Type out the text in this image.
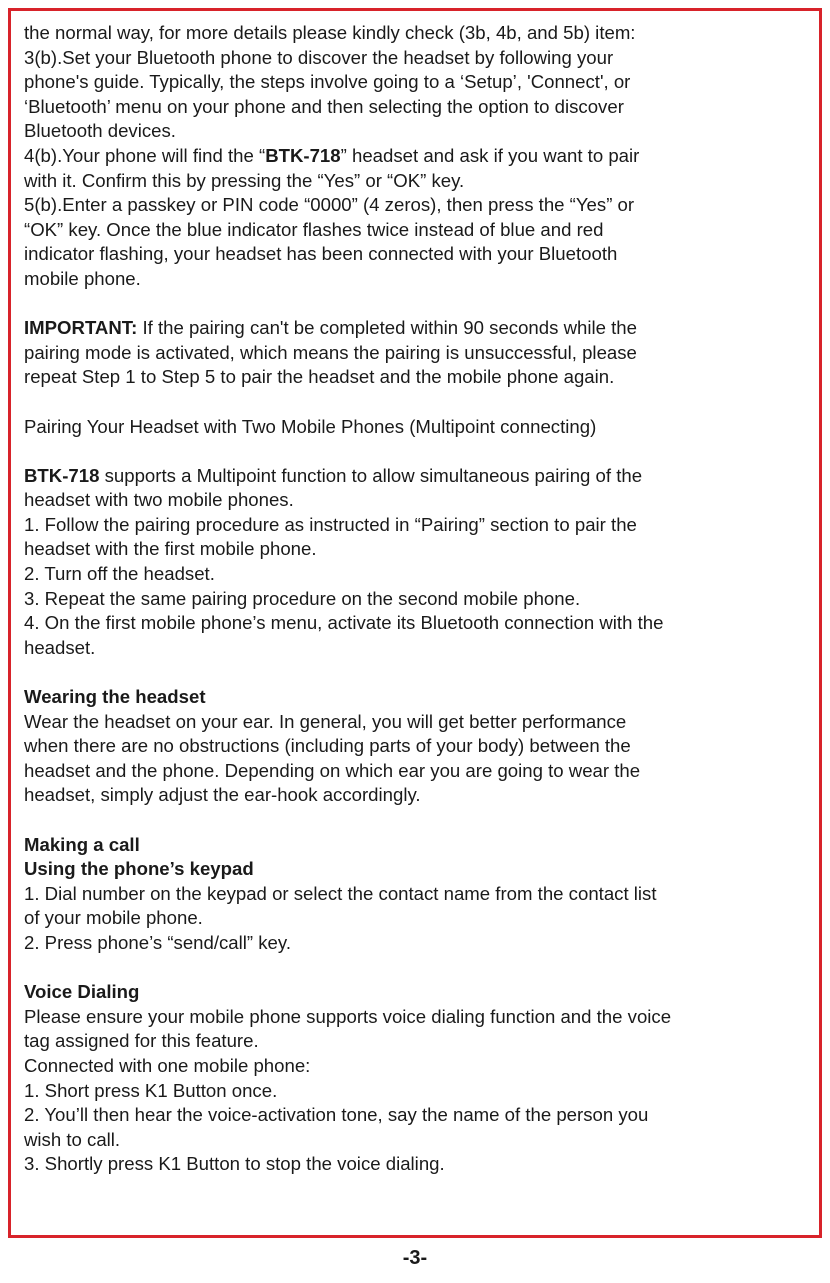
the normal way, for more details please kindly check (3b, 4b, and 5b) item:
3(b).Set your Bluetooth phone to discover the headset by following your
phone's guide. Typically, the steps involve going to a ‘Setup’, 'Connect', or
‘Bluetooth’ menu on your phone and then selecting the option to discover
Bluetooth devices.
4(b).Your phone will find the “BTK-718” headset and ask if you want to pair
with it. Confirm this by pressing the “Yes” or “OK” key.
5(b).Enter a passkey or PIN code “0000” (4 zeros), then press the “Yes” or
“OK” key. Once the blue indicator flashes twice instead of blue and red
indicator flashing, your headset has been connected with your Bluetooth
mobile phone.
IMPORTANT: If the pairing can't be completed within 90 seconds while the
pairing mode is activated, which means the pairing is unsuccessful, please
repeat Step 1 to Step 5 to pair the headset and the mobile phone again.
Pairing Your Headset with Two Mobile Phones (Multipoint connecting)
BTK-718 supports a Multipoint function to allow simultaneous pairing of the
headset with two mobile phones.
1. Follow the pairing procedure as instructed in “Pairing” section to pair the
headset with the first mobile phone.
2. Turn off the headset.
3. Repeat the same pairing procedure on the second mobile phone.
4. On the first mobile phone’s menu, activate its Bluetooth connection with the
headset.
Wearing the headset
Wear the headset on your ear. In general, you will get better performance
when there are no obstructions (including parts of your body) between the
headset and the phone. Depending on which ear you are going to wear the
headset, simply adjust the ear-hook accordingly.
Making a call
Using the phone’s keypad
1. Dial number on the keypad or select the contact name from the contact list
of your mobile phone.
2. Press phone’s “send/call” key.
Voice Dialing
Please ensure your mobile phone supports voice dialing function and the voice
tag assigned for this feature.
Connected with one mobile phone:
1. Short press K1 Button once.
2. You’ll then hear the voice-activation tone, say the name of the person you
wish to call.
3. Shortly press K1 Button to stop the voice dialing.
-3-
